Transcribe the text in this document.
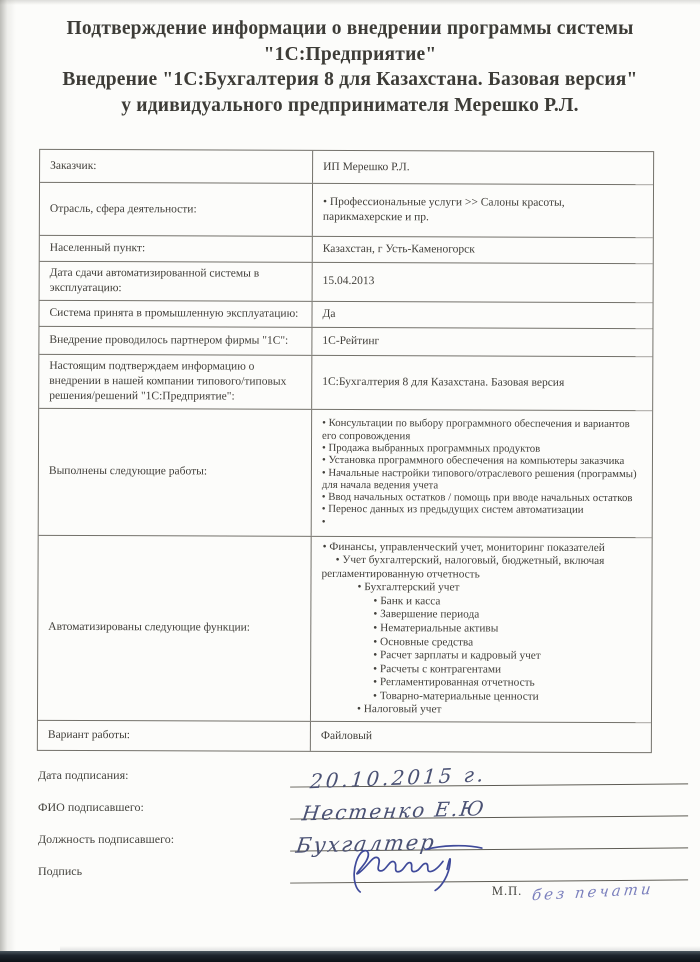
Подтверждение информации о внедрении программы системы
"1С:Предприятие"
Внедрение "1С:Бухгалтерия 8 для Казахстана. Базовая версия"
у идивидуального предпринимателя Мерешко Р.Л.
Заказчик:	ИП Мерешко Р.Л.
Отрасль, сфера деятельности:	• Профессиональные услуги >> Салоны красоты, парикмахерские и пр.
Населенный пункт:	Казахстан, г Усть-Каменогорск
Дата сдачи автоматизированной системы в эксплуатацию:
15.04.2013
Система принята в промышленную эксплуатацию:	Да
Внедрение проводилось партнером фирмы "1С":	1С-Рейтинг
Настоящим подтверждаем информацию о внедрении в нашей компании типового/типовых решения/решений "1С:Предприятие":
1С:Бухгалтерия 8 для Казахстана. Базовая версия
Выполнены следующие работы:
• Консультации по выбору программного обеспечения и вариантов его сопровождения
• Продажа выбранных программных продуктов
• Установка программного обеспечения на компьютеры заказчика
• Начальные настройки типового/отраслевого решения (программы) для начала ведения учета
• Ввод начальных остатков / помощь при вводе начальных остатков
• Перенос данных из предыдущих систем автоматизации
•
Автоматизированы следующие функции:
• Финансы, управленческий учет, мониторинг показателей
• Учет бухгалтерский, налоговый, бюджетный, включая регламентированную отчетность
• Бухгалтерский учет
• Банк и касса
• Завершение периода
• Нематериальные активы
• Основные средства
• Расчет зарплаты и кадровый учет
• Расчеты с контрагентами
• Регламентированная отчетность
• Товарно-материальные ценности
• Налоговый учет
Вариант работы:	Файловый
Дата подписания:	20.10.2015 г.
ФИО подписавшего:	Нестенко Е.Ю
Должность подписавшего:	Бухгалтер
Подпись
М.П. без печати
